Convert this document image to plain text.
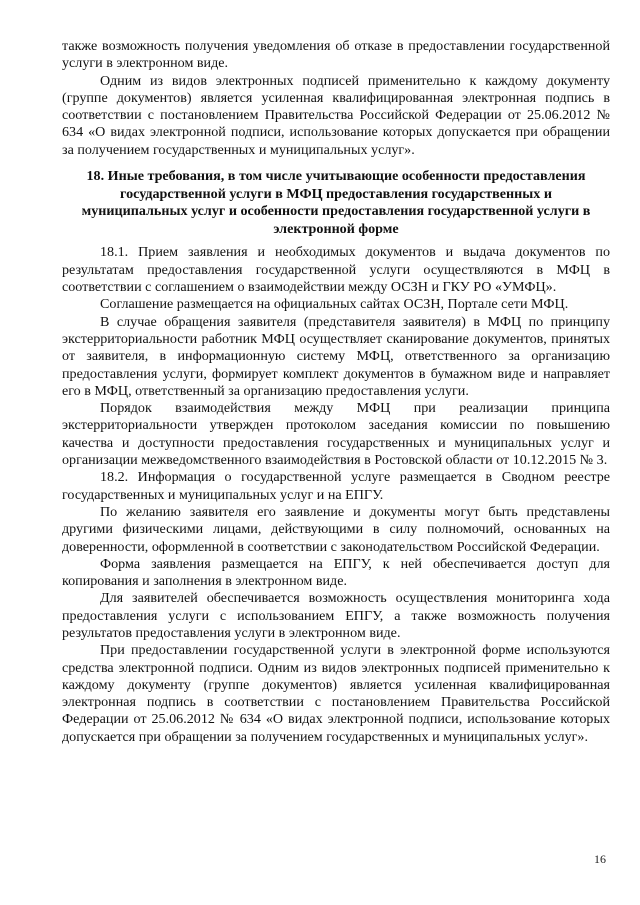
также возможность получения уведомления об отказе в предоставлении государственной услуги в электронном виде.

Одним из видов электронных подписей применительно к каждому документу (группе документов) является усиленная квалифицированная электронная подпись в соответствии с постановлением Правительства Российской Федерации от 25.06.2012 № 634 «О видах электронной подписи, использование которых допускается при обращении за получением государственных и муниципальных услуг».

18. Иные требования, в том числе учитывающие особенности предоставления государственной услуги в МФЦ предоставления государственных и муниципальных услуг и особенности предоставления государственной услуги в электронной форме

18.1. Прием заявления и необходимых документов и выдача документов по результатам предоставления государственной услуги осуществляются в МФЦ в соответствии с соглашением о взаимодействии между ОСЗН и ГКУ РО «УМФЦ».

Соглашение размещается на официальных сайтах ОСЗН, Портале сети МФЦ.

В случае обращения заявителя (представителя заявителя) в МФЦ по принципу экстерриториальности работник МФЦ осуществляет сканирование документов, принятых от заявителя, в информационную систему МФЦ, ответственного за организацию предоставления услуги, формирует комплект документов в бумажном виде и направляет его в МФЦ, ответственный за организацию предоставления услуги.

Порядок взаимодействия между МФЦ при реализации принципа экстерриториальности утвержден протоколом заседания комиссии по повышению качества и доступности предоставления государственных и муниципальных услуг и организации межведомственного взаимодействия в Ростовской области от 10.12.2015 № 3.

18.2. Информация о государственной услуге размещается в Сводном реестре государственных и муниципальных услуг и на ЕПГУ.

По желанию заявителя его заявление и документы могут быть представлены другими физическими лицами, действующими в силу полномочий, основанных на доверенности, оформленной в соответствии с законодательством Российской Федерации.

Форма заявления размещается на ЕПГУ, к ней обеспечивается доступ для копирования и заполнения в электронном виде.

Для заявителей обеспечивается возможность осуществления мониторинга хода предоставления услуги с использованием ЕПГУ, а также возможность получения результатов предоставления услуги в электронном виде.

При предоставлении государственной услуги в электронной форме используются средства электронной подписи. Одним из видов электронных подписей применительно к каждому документу (группе документов) является усиленная квалифицированная электронная подпись в соответствии с постановлением Правительства Российской Федерации от 25.06.2012 № 634 «О видах электронной подписи, использование которых допускается при обращении за получением государственных и муниципальных услуг».

16
